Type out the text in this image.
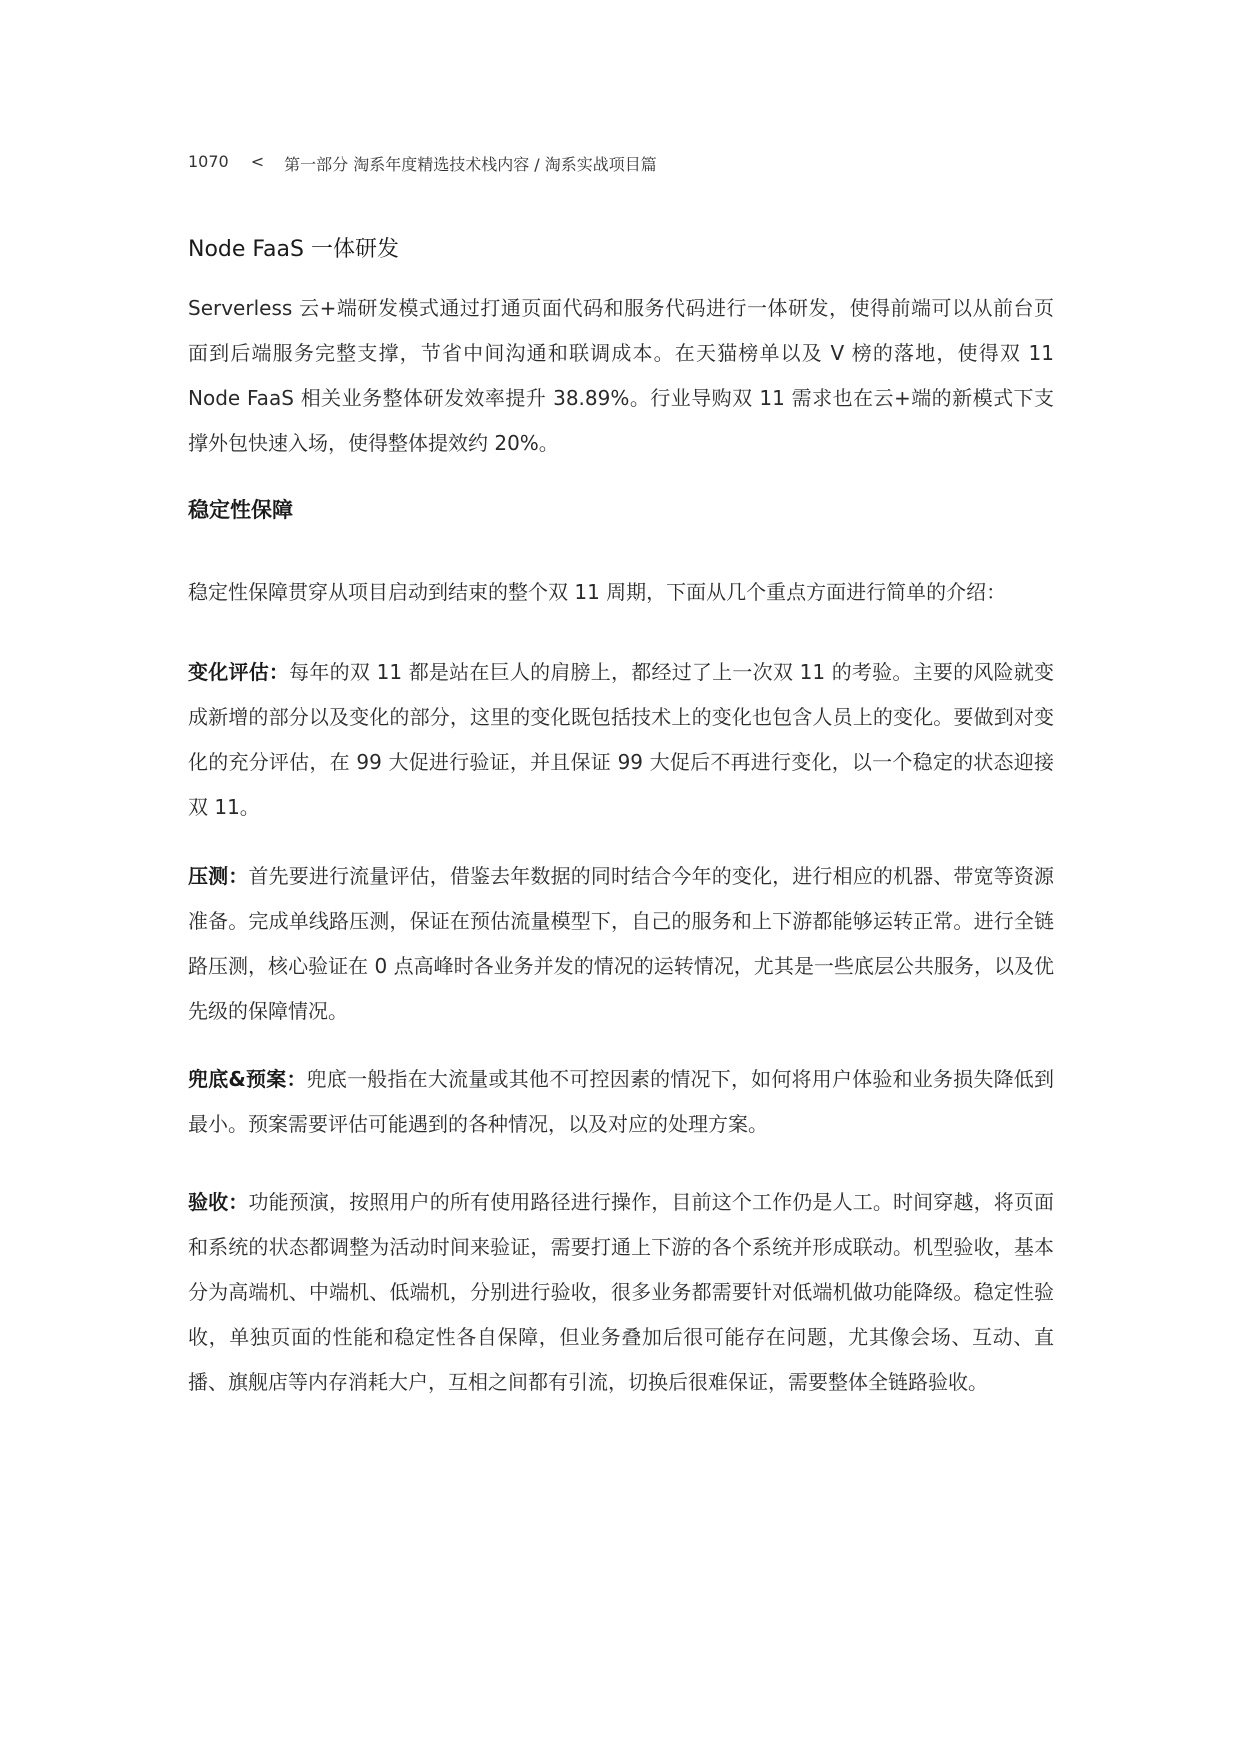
1070 < 第一部分 淘系年度精选技术栈内容 / 淘系实战项目篇
Node FaaS 一体研发

Serverless 云+端研发模式通过打通页面代码和服务代码进行一体研发，使得前端可以从前台页面到后端服务完整支撑，节省中间沟通和联调成本。在天猫榜单以及 V 榜的落地，使得双 11 Node FaaS 相关业务整体研发效率提升 38.89%。行业导购双 11 需求也在云+端的新模式下支撑外包快速入场，使得整体提效约 20%。

稳定性保障

稳定性保障贯穿从项目启动到结束的整个双 11 周期，下面从几个重点方面进行简单的介绍：

变化评估：每年的双 11 都是站在巨人的肩膀上，都经过了上一次双 11 的考验。主要的风险就变成新增的部分以及变化的部分，这里的变化既包括技术上的变化也包含人员上的变化。要做到对变化的充分评估，在 99 大促进行验证，并且保证 99 大促后不再进行变化，以一个稳定的状态迎接双 11。

压测：首先要进行流量评估，借鉴去年数据的同时结合今年的变化，进行相应的机器、带宽等资源准备。完成单线路压测，保证在预估流量模型下，自己的服务和上下游都能够运转正常。进行全链路压测，核心验证在 0 点高峰时各业务并发的情况的运转情况，尤其是一些底层公共服务，以及优先级的保障情况。

兜底&预案：兜底一般指在大流量或其他不可控因素的情况下，如何将用户体验和业务损失降低到最小。预案需要评估可能遇到的各种情况，以及对应的处理方案。

验收：功能预演，按照用户的所有使用路径进行操作，目前这个工作仍是人工。时间穿越，将页面和系统的状态都调整为活动时间来验证，需要打通上下游的各个系统并形成联动。机型验收，基本分为高端机、中端机、低端机，分别进行验收，很多业务都需要针对低端机做功能降级。稳定性验收，单独页面的性能和稳定性各自保障，但业务叠加后很可能存在问题，尤其像会场、互动、直播、旗舰店等内存消耗大户，互相之间都有引流，切换后很难保证，需要整体全链路验收。
